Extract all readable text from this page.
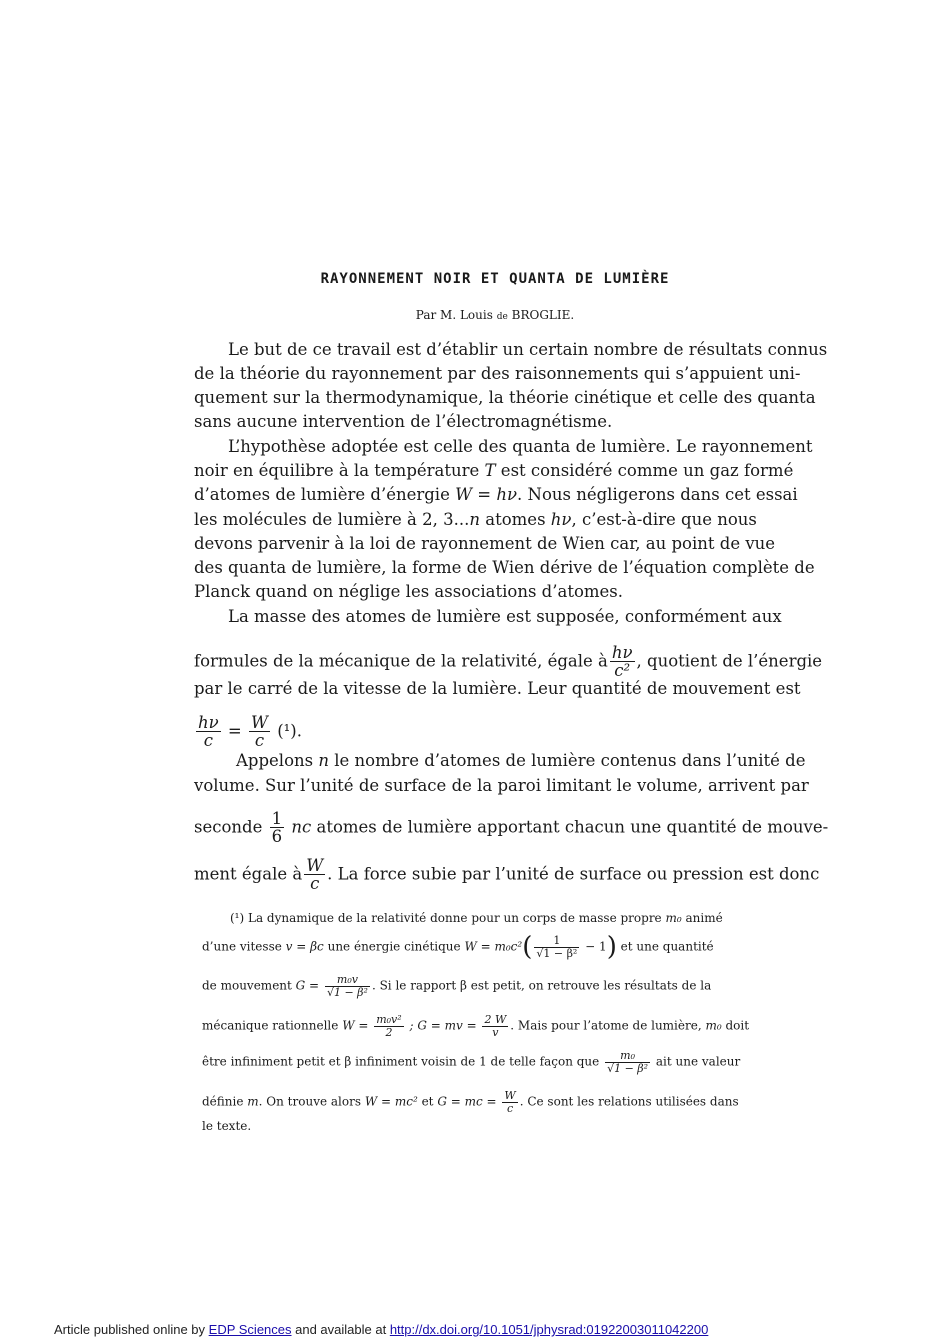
RAYONNEMENT NOIR ET QUANTA DE LUMIÈRE
Par M. Louis de BROGLIE.
Le but de ce travail est d’établir un certain nombre de résultats connus
de la théorie du rayonnement par des raisonnements qui s’appuient uni-
quement sur la thermodynamique, la théorie cinétique et celle des quanta
sans aucune intervention de l’électromagnétisme.
L’hypothèse adoptée est celle des quanta de lumière. Le rayonnement
noir en équilibre à la température T est considéré comme un gaz formé
d’atomes de lumière d’énergie W = hν. Nous négligerons dans cet essai
les molécules de lumière à 2, 3...n atomes hν, c’est-à-dire que nous
devons parvenir à la loi de rayonnement de Wien car, au point de vue
des quanta de lumière, la forme de Wien dérive de l’équation complète de
Planck quand on néglige les associations d’atomes.
La masse des atomes de lumière est supposée, conformément aux
formules de la mécanique de la relativité, égale à $\frac{h\nu}{\text{c²}}$ , quotient de l’énergie
par le carré de la vitesse de la lumière. Leur quantité de mouvement est
$\frac{h\nu}{c} = \frac{W}{c} (^1)$.
Appelons n le nombre d’atomes de lumière contenus dans l’unité de
volume. Sur l’unité de surface de la paroi limitant le volume, arrivent par
seconde $\frac{1}{6}$ nc atomes de lumière apportant chacun une quantité de mouve-
ment égale à $\frac{W}{c}$ . La force subie par l’unité de surface ou pression est donc
(¹) La dynamique de la relativité donne pour un corps de masse propre m₀ animé
d’une vitesse v = βc une énergie cinétique $W = m_0c^2( \frac{1}{\text{√1 − β²}} - 1)$ et une quantité
de mouvement $G = \frac{\text{m₀v}}{\text{√1 − β²}}$ . Si le rapport β est petit, on retrouve les résultats de la
mécanique rationnelle $W = \frac{\text{m₀v²}}{2}$ ; G = mv = $\frac{2 W}{v}$ . Mais pour l’atome de lumière, m₀ doit
être infiniment petit et β infiniment voisin de 1 de telle façon que $\frac{\text{m₀}}{\text{√1 − β²}}$ ait une valeur
définie m. On trouve alors W = mc² et G = mc = $\frac{W}{c}$ . Ce sont les relations utilisées dans
le texte.
Article published online by EDP Sciences and available at http://dx.doi.org/10.1051/jphysrad:01922003011042200
